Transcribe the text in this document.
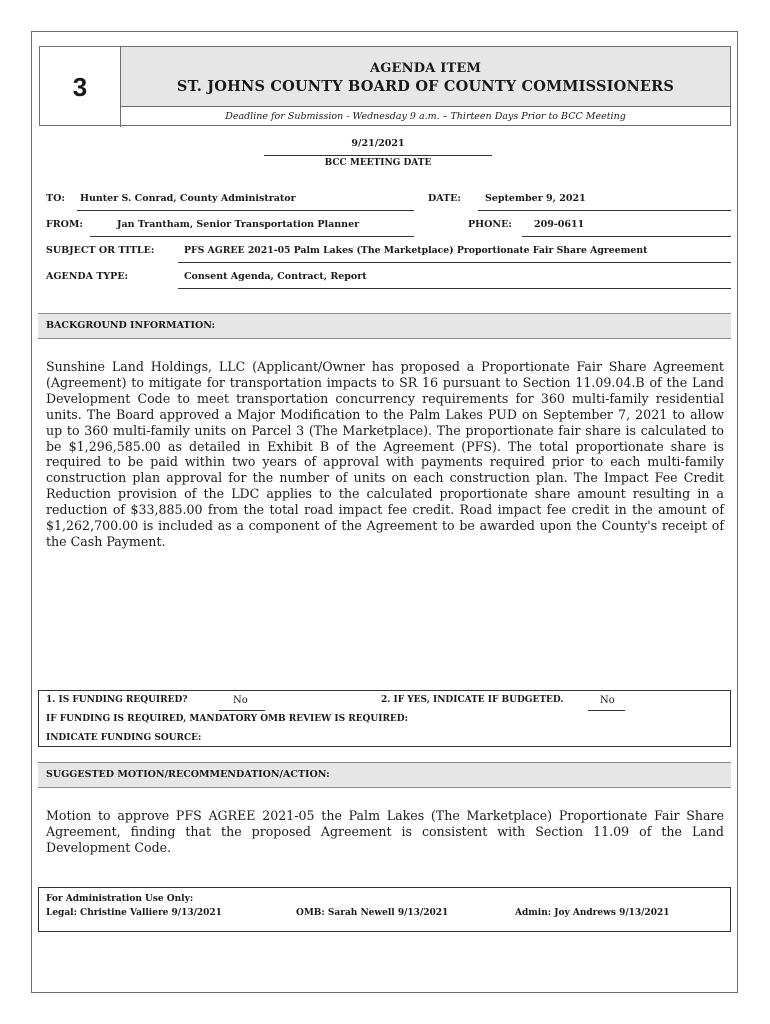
3
AGENDA ITEM
ST. JOHNS COUNTY BOARD OF COUNTY COMMISSIONERS
Deadline for Submission - Wednesday 9 a.m. – Thirteen Days Prior to BCC Meeting
9/21/2021
BCC MEETING DATE
TO: Hunter S. Conrad, County Administrator	DATE:	September 9, 2021
FROM:	Jan Trantham, Senior Transportation Planner	PHONE: 209-0611
SUBJECT OR TITLE:	PFS AGREE 2021-05 Palm Lakes (The Marketplace) Proportionate Fair Share Agreement
AGENDA TYPE:	Consent Agenda, Contract, Report
BACKGROUND INFORMATION:
Sunshine Land Holdings, LLC (Applicant/Owner has proposed a Proportionate Fair Share Agreement (Agreement) to mitigate for transportation impacts to SR 16 pursuant to Section 11.09.04.B of the Land Development Code to meet transportation concurrency requirements for 360 multi-family residential units. The Board approved a Major Modification to the Palm Lakes PUD on September 7, 2021 to allow up to 360 multi-family units on Parcel 3 (The Marketplace). The proportionate fair share is calculated to be $1,296,585.00 as detailed in Exhibit B of the Agreement (PFS). The total proportionate share is required to be paid within two years of approval with payments required prior to each multi-family construction plan approval for the number of units on each construction plan. The Impact Fee Credit Reduction provision of the LDC applies to the calculated proportionate share amount resulting in a reduction of $33,885.00 from the total road impact fee credit. Road impact fee credit in the amount of $1,262,700.00 is included as a component of the Agreement to be awarded upon the County's receipt of the Cash Payment.
1. IS FUNDING REQUIRED?	No	2. IF YES, INDICATE IF BUDGETED.	No
IF FUNDING IS REQUIRED, MANDATORY OMB REVIEW IS REQUIRED:
INDICATE FUNDING SOURCE:
SUGGESTED MOTION/RECOMMENDATION/ACTION:
Motion to approve PFS AGREE 2021-05 the Palm Lakes (The Marketplace) Proportionate Fair Share Agreement, finding that the proposed Agreement is consistent with Section 11.09 of the Land Development Code.
For Administration Use Only:
Legal: Christine Valliere 9/13/2021	OMB: Sarah Newell 9/13/2021	Admin: Joy Andrews 9/13/2021
